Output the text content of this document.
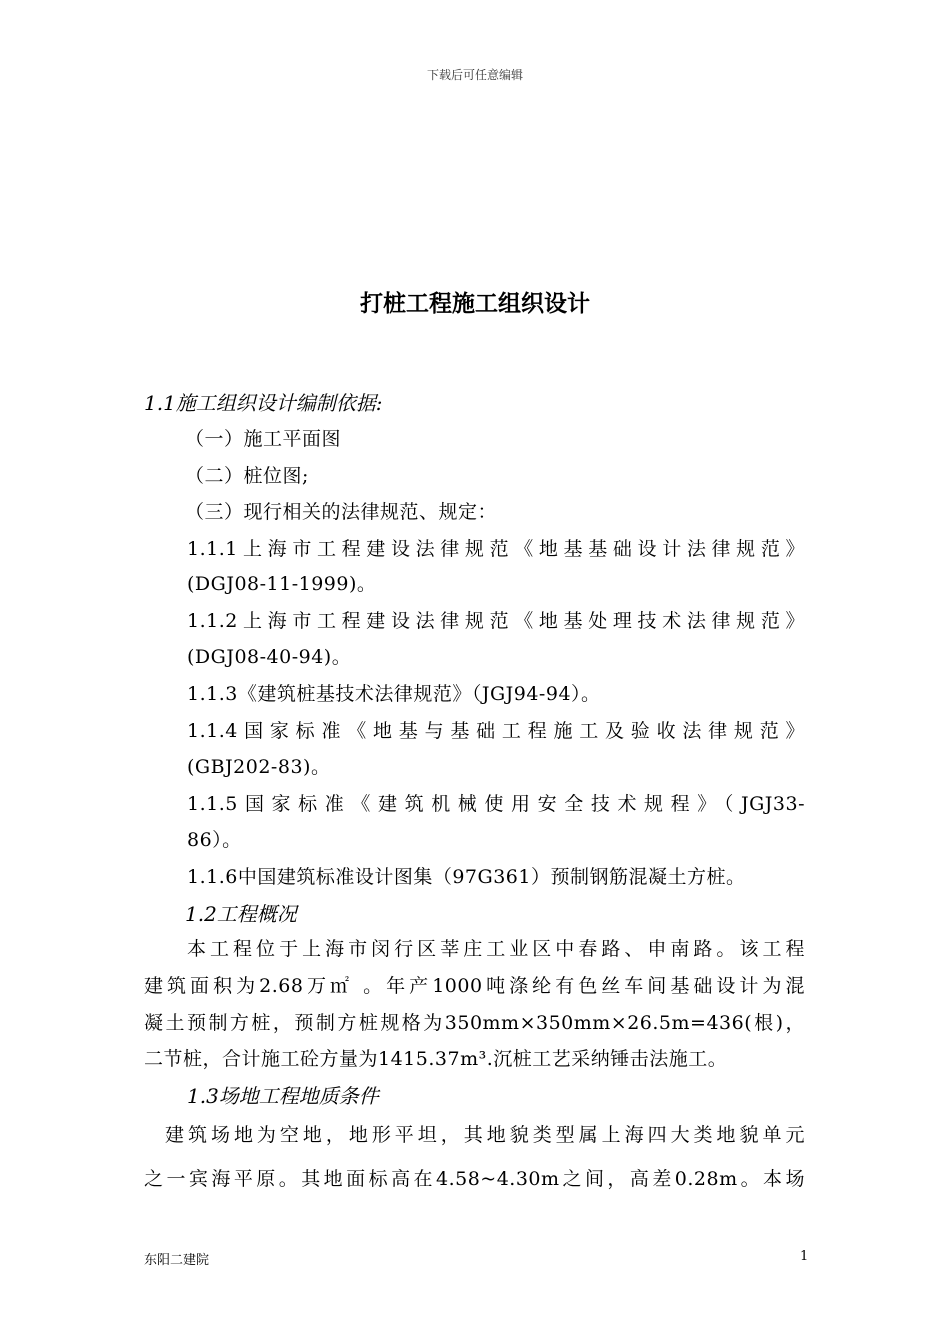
下载后可任意编辑
打桩工程施工组织设计
1.1施工组织设计编制依据:
（一）施工平面图
（二）桩位图;
（三）现行相关的法律规范、规定：
1.1.1上海市工程建设法律规范《地基基础设计法律规范》
(DGJ08-11-1999)。
1.1.2上海市工程建设法律规范《地基处理技术法律规范》
(DGJ08-40-94)。
1.1.3《建筑桩基技术法律规范》（JGJ94-94）。
1.1.4国家标准《地基与基础工程施工及验收法律规范》
(GBJ202-83)。
1.1.5国家标准《建筑机械使用安全技术规程》（JGJ33-
86）。
1.1.6中国建筑标准设计图集（97G361）预制钢筋混凝土方桩。
1.2工程概况
本工程位于上海市闵行区莘庄工业区中春路、申南路。该工程
建筑面积为2.68万㎡ 。年产1000吨涤纶有色丝车间基础设计为混
凝土预制方桩，预制方桩规格为350mm×350mm×26.5m=436(根)，
二节桩，合计施工砼方量为1415.37m³.沉桩工艺采纳锤击法施工。
1.3场地工程地质条件
建筑场地为空地，地形平坦，其地貌类型属上海四大类地貌单元
之一宾海平原。其地面标高在4.58~4.30m之间，高差0.28m。本场
东阳二建院	1
